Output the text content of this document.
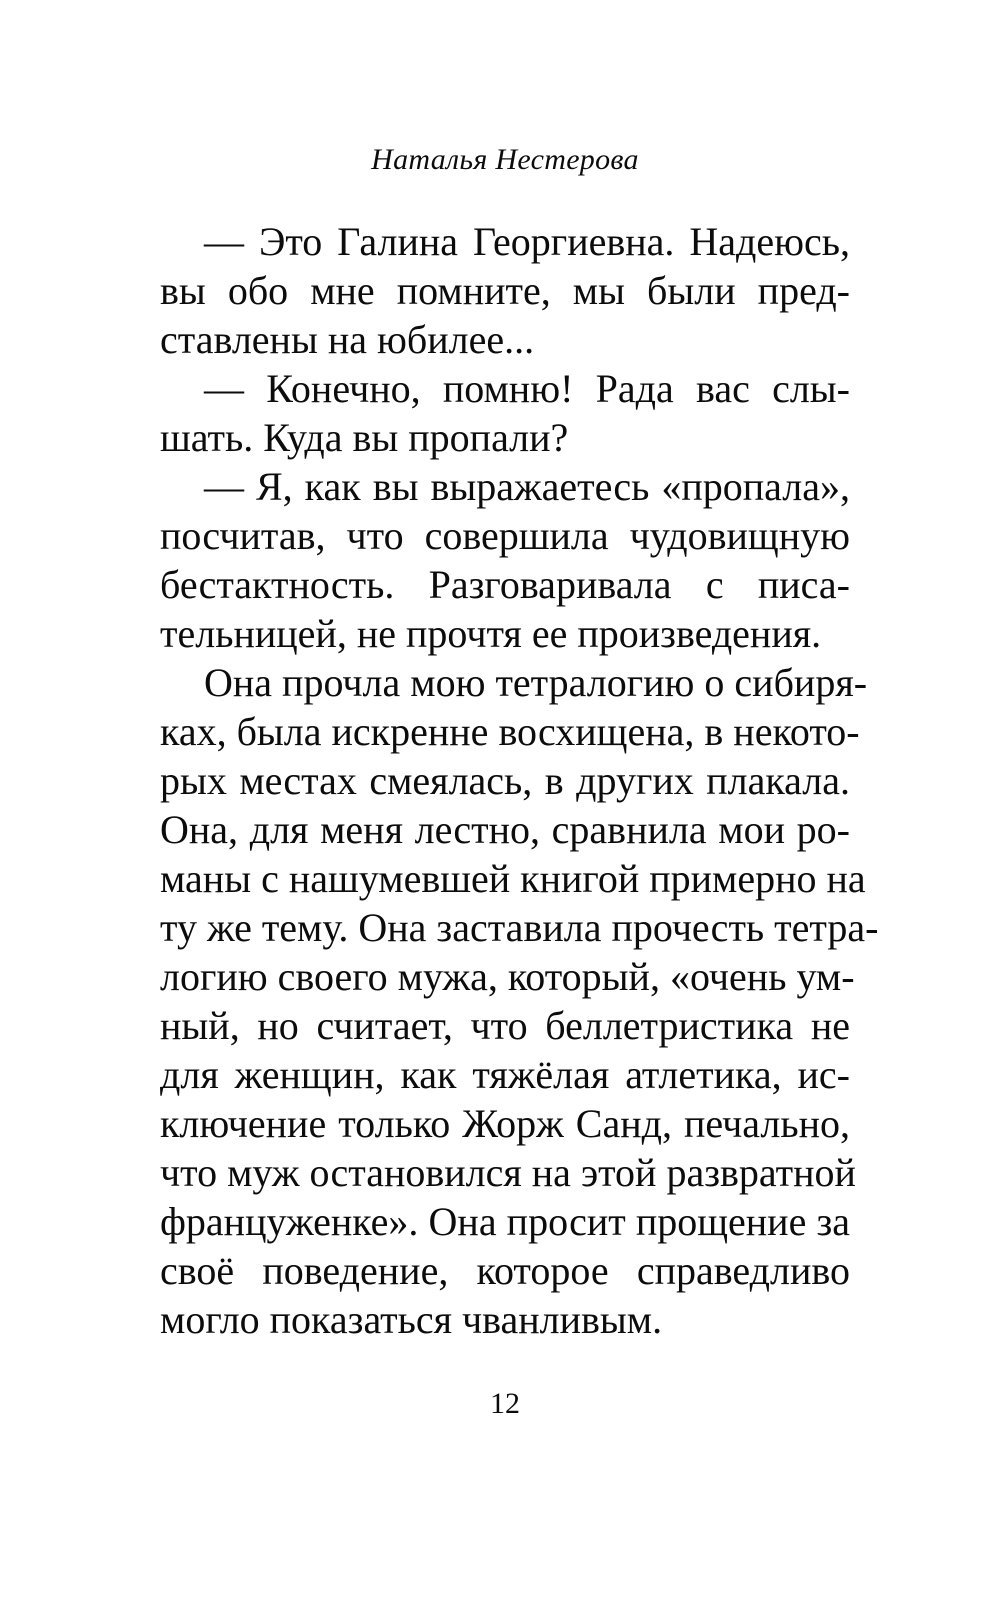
Наталья Нестерова
— Это Галина Георгиевна. Надеюсь,
вы обо мне помните, мы были пред-
ставлены на юбилее...
— Конечно, помню! Рада вас слы-
шать. Куда вы пропали?
— Я, как вы выражаетесь «пропала»,
посчитав, что совершила чудовищную
бестактность. Разговаривала с писа-
тельницей, не прочтя ее произведения.
Она прочла мою тетралогию о сибиря-
ках, была искренне восхищена, в некото-
рых местах смеялась, в других плакала.
Она, для меня лестно, сравнила мои ро-
маны с нашумевшей книгой примерно на
ту же тему. Она заставила прочесть тетра-
логию своего мужа, который, «очень ум-
ный, но считает, что беллетристика не
для женщин, как тяжёлая атлетика, ис-
ключение только Жорж Санд, печально,
что муж остановился на этой развратной
француженке». Она просит прощение за
своё поведение, которое справедливо
могло показаться чванливым.
12
